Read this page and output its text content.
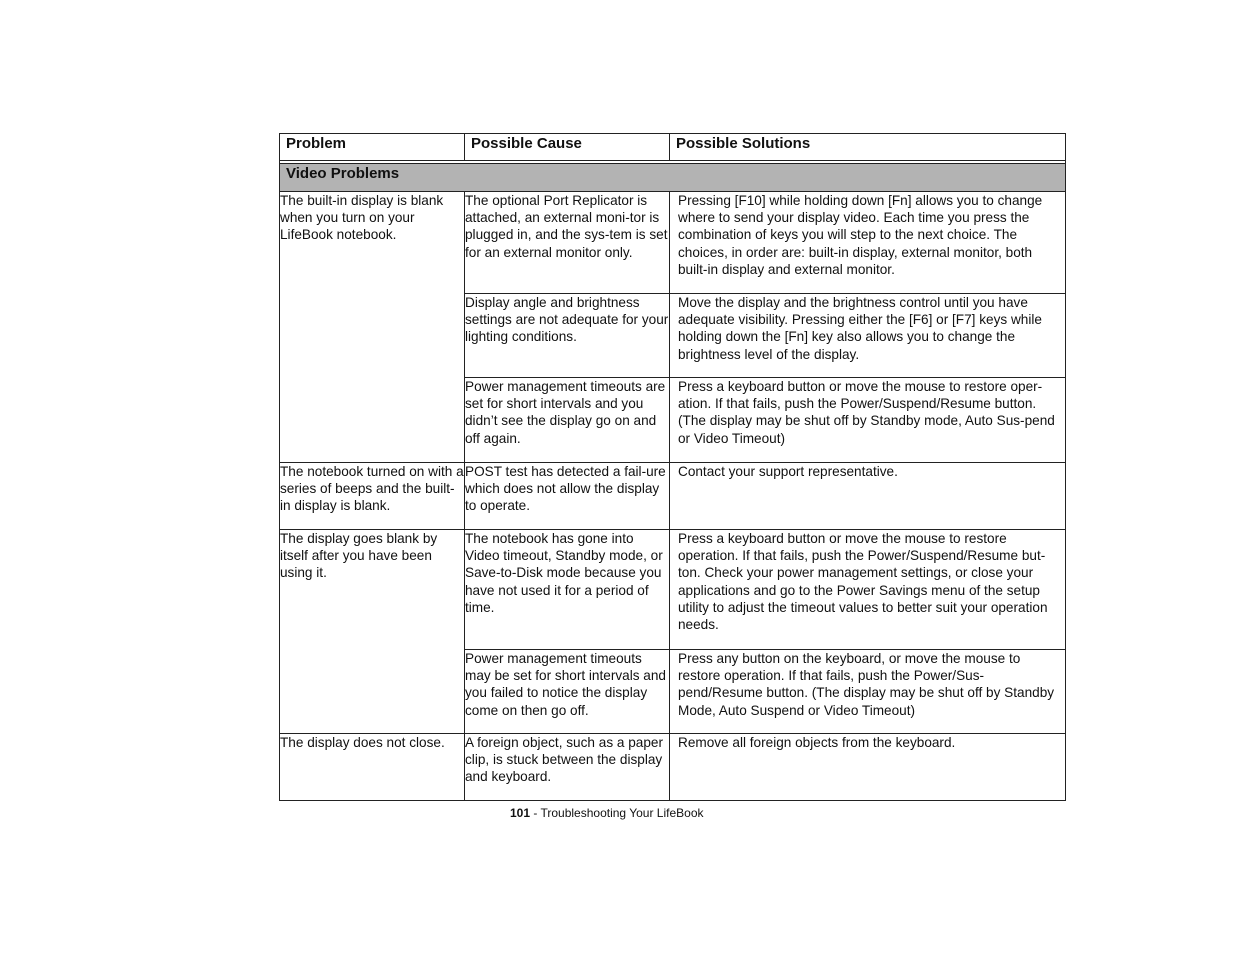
Problem	Possible Cause	Possible Solutions

Video Problems		
The built-in display is blank when you turn on your LifeBook notebook.	The optional Port Replicator is attached, an external moni-tor is plugged in, and the sys-tem is set for an external monitor only.	Pressing [F10] while holding down [Fn] allows you to change where to send your display video. Each time you press the combination of keys you will step to the next choice. The choices, in order are: built-in display, external monitor, both built-in display and external monitor.
	Display angle and brightness settings are not adequate for your lighting conditions.	Move the display and the brightness control until you have adequate visibility. Pressing either the [F6] or [F7] keys while holding down the [Fn] key also allows you to change the brightness level of the display.
	Power management timeouts are set for short intervals and you didn’t see the display go on and off again.	Press a keyboard button or move the mouse to restore oper-ation. If that fails, push the Power/Suspend/Resume button. (The display may be shut off by Standby mode, Auto Sus-pend or Video Timeout)
The notebook turned on with a series of beeps and the built-in display is blank.	POST test has detected a fail-ure which does not allow the display to operate.	Contact your support representative.
The display goes blank by itself after you have been using it.	The notebook has gone into Video timeout, Standby mode, or Save-to-Disk mode because you have not used it for a period of time.	Press a keyboard button or move the mouse to restore operation. If that fails, push the Power/Suspend/Resume but-ton. Check your power management settings, or close your applications and go to the Power Savings menu of the setup utility to adjust the timeout values to better suit your operation needs.
	Power management timeouts may be set for short intervals and you failed to notice the display come on then go off.	Press any button on the keyboard, or move the mouse to restore operation. If that fails, push the Power/Sus-pend/Resume button. (The display may be shut off by Standby Mode, Auto Suspend or Video Timeout)
The display does not close.	A foreign object, such as a paper clip, is stuck between the display and keyboard.	Remove all foreign objects from the keyboard.
101 - Troubleshooting Your LifeBook
